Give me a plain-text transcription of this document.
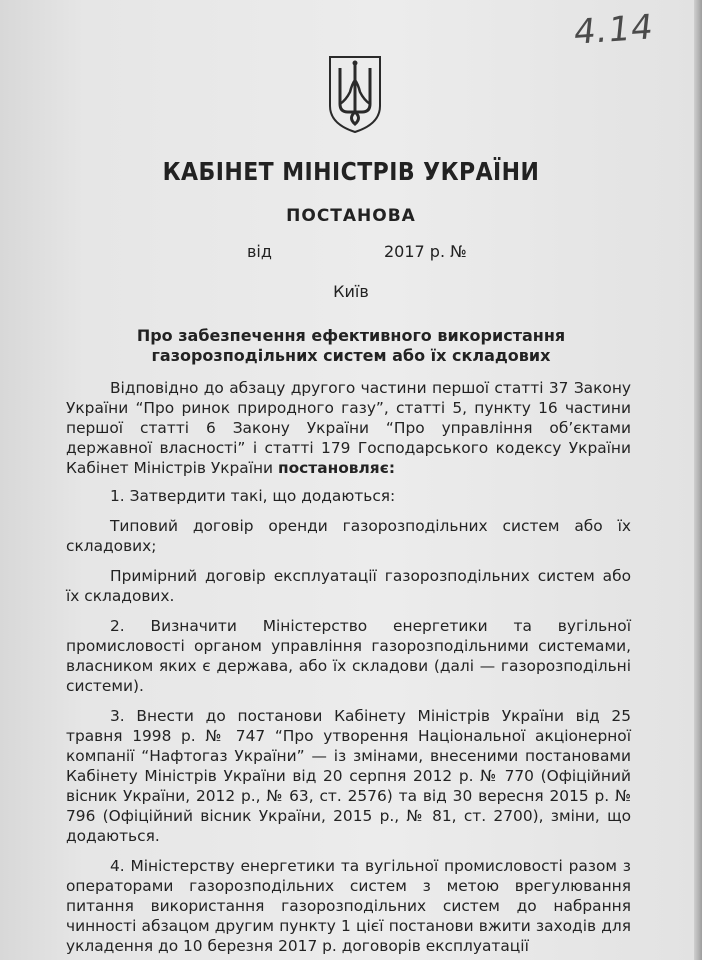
4.14
КАБІНЕТ МІНІСТРІВ УКРАЇНИ
ПОСТАНОВА
від	2017 р. №
Київ
Про забезпечення ефективного використання
газорозподільних систем або їх складових

Відповідно до абзацу другого частини першої статті 37 Закону України “Про ринок природного газу”, статті 5, пункту 16 частини першої статті 6 Закону України “Про управління об’єктами державної власності” і статті 179 Господарського кодексу України Кабінет Міністрів України постановляє:

1. Затвердити такі, що додаються:

Типовий договір оренди газорозподільних систем або їх складових;

Примірний договір експлуатації газорозподільних систем або їх складових.

2. Визначити Міністерство енергетики та вугільної промисловості органом управління газорозподільними системами, власником яких є держава, або їх складови (далі — газорозподільні системи).

3. Внести до постанови Кабінету Міністрів України від 25 травня 1998 р. № 747 “Про утворення Національної акціонерної компанії “Нафтогаз України” — із змінами, внесеними постановами Кабінету Міністрів України від 20 серпня 2012 р. № 770 (Офіційний вісник України, 2012 р., № 63, ст. 2576) та від 30 вересня 2015 р. № 796 (Офіційний вісник України, 2015 р., № 81, ст. 2700), зміни, що додаються.

4. Міністерству енергетики та вугільної промисловості разом з операторами газорозподільних систем з метою врегулювання питання використання газорозподільних систем до набрання чинності абзацом другим пункту 1 цієї постанови вжити заходів для укладення до 10 березня 2017 р. договорів експлуатації
